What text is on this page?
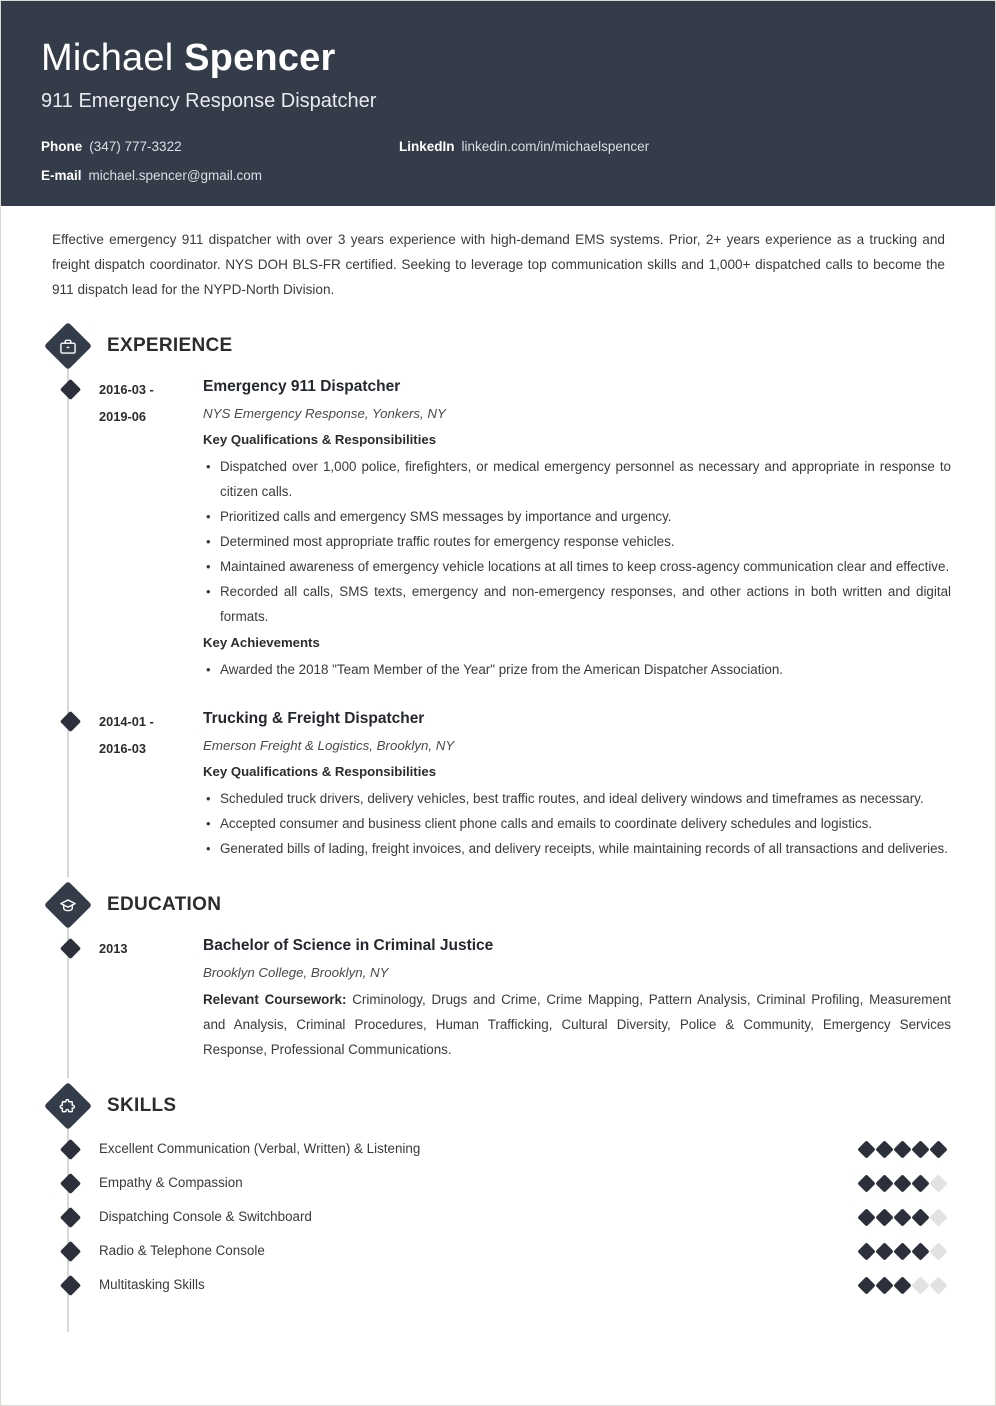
Michael Spencer
911 Emergency Response Dispatcher
Phone (347) 777-3322	LinkedIn linkedin.com/in/michaelspencer
E-mail michael.spencer@gmail.com
Effective emergency 911 dispatcher with over 3 years experience with high-demand EMS systems. Prior, 2+ years experience as a trucking and freight dispatch coordinator. NYS DOH BLS-FR certified. Seeking to leverage top communication skills and 1,000+ dispatched calls to become the 911 dispatch lead for the NYPD-North Division.
EXPERIENCE
2016-03 -
2019-06
Emergency 911 Dispatcher
NYS Emergency Response, Yonkers, NY
Key Qualifications & Responsibilities
• Dispatched over 1,000 police, firefighters, or medical emergency personnel as necessary and appropriate in response to citizen calls.
• Prioritized calls and emergency SMS messages by importance and urgency.
• Determined most appropriate traffic routes for emergency response vehicles.
• Maintained awareness of emergency vehicle locations at all times to keep cross-agency communication clear and effective.
• Recorded all calls, SMS texts, emergency and non-emergency responses, and other actions in both written and digital formats.
Key Achievements
• Awarded the 2018 "Team Member of the Year" prize from the American Dispatcher Association.
2014-01 -
2016-03
Trucking & Freight Dispatcher
Emerson Freight & Logistics, Brooklyn, NY
Key Qualifications & Responsibilities
• Scheduled truck drivers, delivery vehicles, best traffic routes, and ideal delivery windows and timeframes as necessary.
• Accepted consumer and business client phone calls and emails to coordinate delivery schedules and logistics.
• Generated bills of lading, freight invoices, and delivery receipts, while maintaining records of all transactions and deliveries.
EDUCATION
2013	Bachelor of Science in Criminal Justice
Brooklyn College, Brooklyn, NY
Relevant Coursework: Criminology, Drugs and Crime, Crime Mapping, Pattern Analysis, Criminal Profiling, Measurement and Analysis, Criminal Procedures, Human Trafficking, Cultural Diversity, Police & Community, Emergency Services Response, Professional Communications.
SKILLS
Excellent Communication (Verbal, Written) & Listening
Empathy & Compassion
Dispatching Console & Switchboard
Radio & Telephone Console
Multitasking Skills
